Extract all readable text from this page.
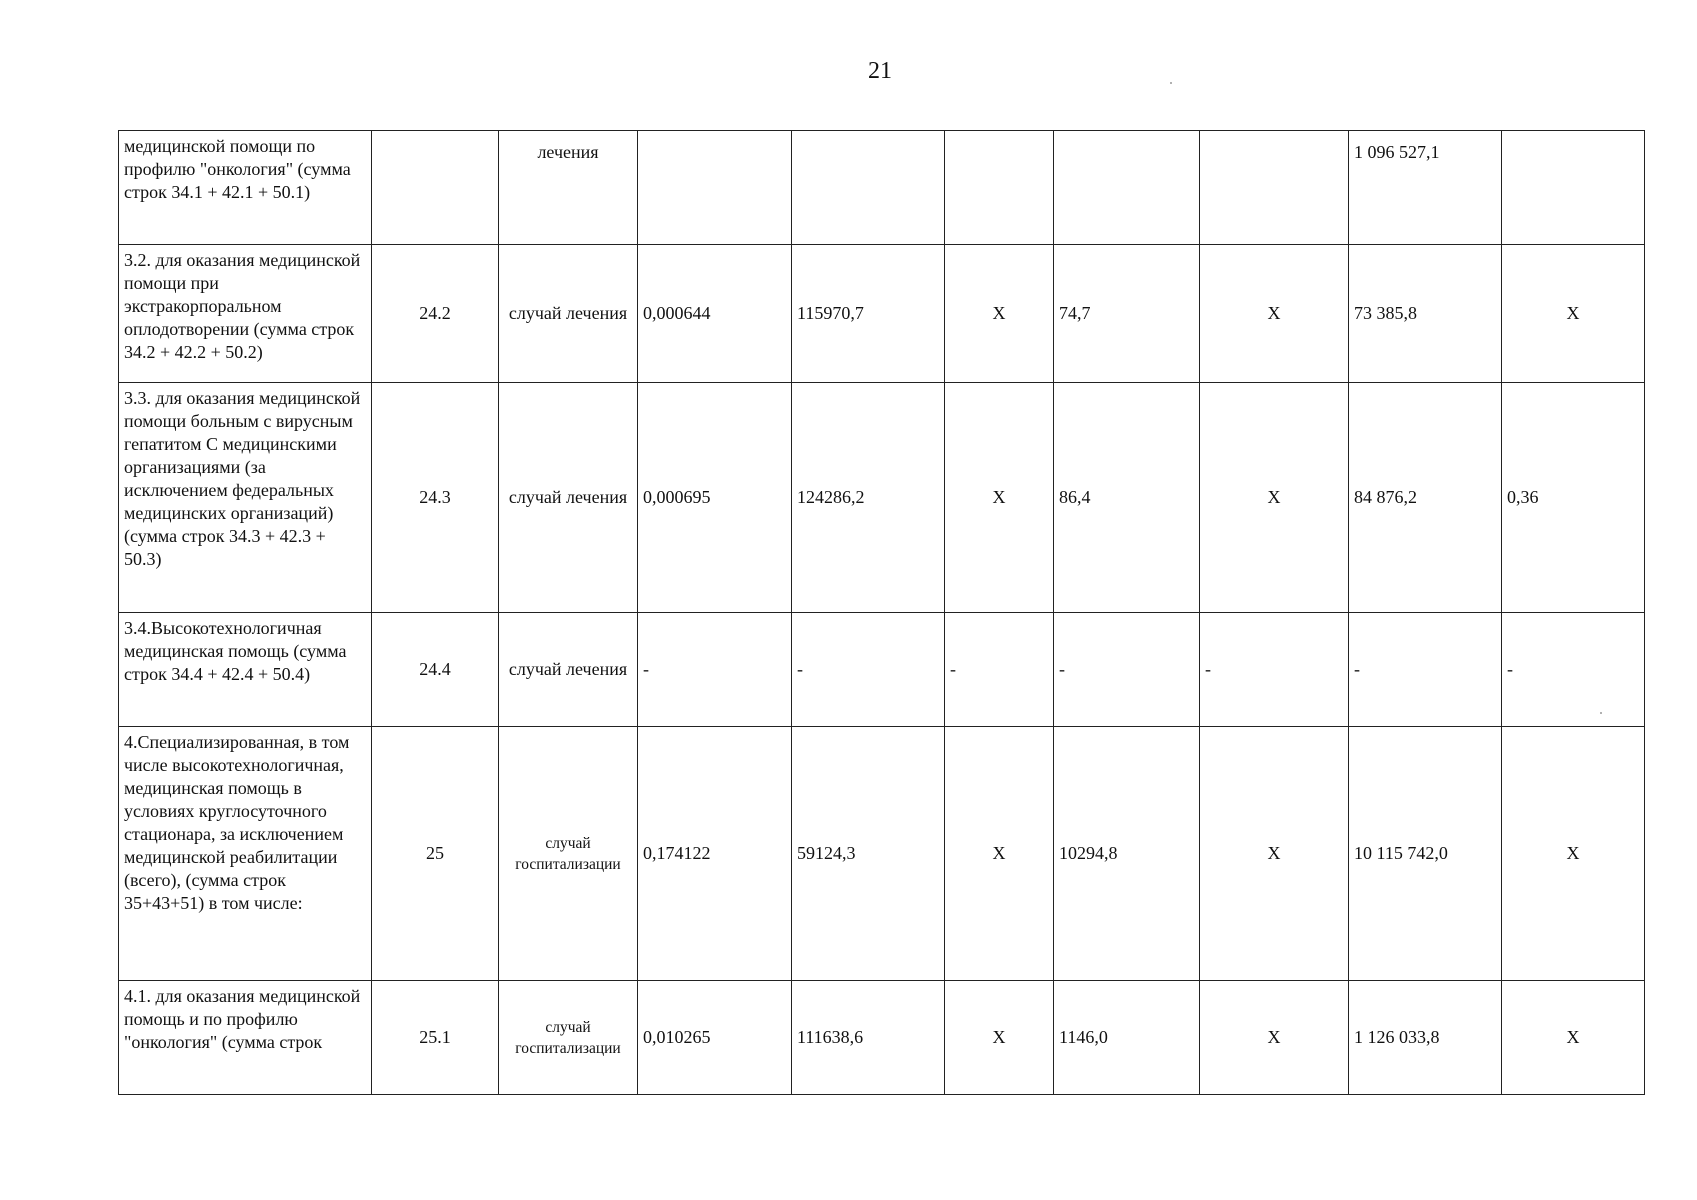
21
медицинской помощи по профилю "онкология" (сумма строк 34.1 + 42.1 + 50.1)		лечения						1 096 527,1	
3.2. для оказания медицинской помощи при экстракорпоральном оплодотворении (сумма строк 34.2 + 42.2 + 50.2)	24.2	случай лечения	0,000644	115970,7	X	74,7	X	73 385,8	X
3.3. для оказания медицинской помощи больным с вирусным гепатитом С медицинскими организациями (за исключением федеральных медицинских организаций) (сумма строк 34.3 + 42.3 + 50.3)	24.3	случай лечения	0,000695	124286,2	X	86,4	X	84 876,2	0,36
3.4.Высокотехнологичная медицинская помощь (сумма строк 34.4 + 42.4 + 50.4)	24.4	случай лечения	-	-	-	-	-	-	-
4.Специализированная, в том числе высокотехнологичная, медицинская помощь в условиях круглосуточного стационара, за исключением медицинской реабилитации (всего), (сумма строк 35+43+51) в том числе:	25	случай госпитализации	0,174122	59124,3	X	10294,8	X	10 115 742,0	X
4.1. для оказания медицинской помощь и по профилю "онкология" (сумма строк	25.1	случай госпитализации	0,010265	111638,6	X	1146,0	X	1 126 033,8	X
